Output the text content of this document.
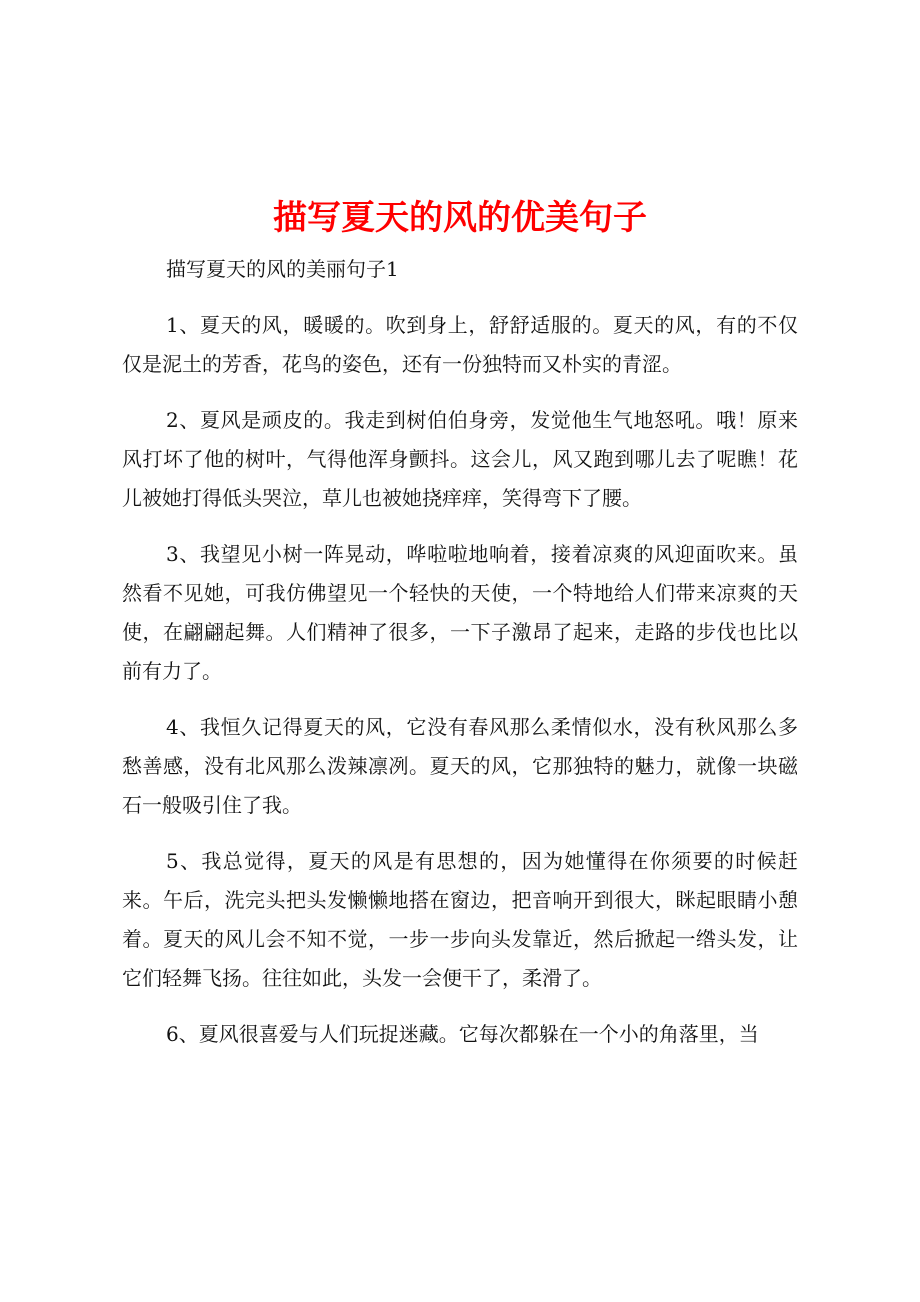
描写夏天的风的优美句子

描写夏天的风的美丽句子1

1、夏天的风，暖暖的。吹到身上，舒舒适服的。夏天的风，有的不仅仅是泥土的芳香，花鸟的姿色，还有一份独特而又朴实的青涩。

2、夏风是顽皮的。我走到树伯伯身旁，发觉他生气地怒吼。哦！原来风打坏了他的树叶，气得他浑身颤抖。这会儿，风又跑到哪儿去了呢瞧！花儿被她打得低头哭泣，草儿也被她挠痒痒，笑得弯下了腰。

3、我望见小树一阵晃动，哗啦啦地响着，接着凉爽的风迎面吹来。虽然看不见她，可我仿佛望见一个轻快的天使，一个特地给人们带来凉爽的天使，在翩翩起舞。人们精神了很多，一下子激昂了起来，走路的步伐也比以前有力了。

4、我恒久记得夏天的风，它没有春风那么柔情似水，没有秋风那么多愁善感，没有北风那么泼辣凛冽。夏天的风，它那独特的魅力，就像一块磁石一般吸引住了我。

5、我总觉得，夏天的风是有思想的，因为她懂得在你须要的时候赶来。午后，洗完头把头发懒懒地搭在窗边，把音响开到很大，眯起眼睛小憩着。夏天的风儿会不知不觉，一步一步向头发靠近，然后掀起一绺头发，让它们轻舞飞扬。往往如此，头发一会便干了，柔滑了。

6、夏风很喜爱与人们玩捉迷藏。它每次都躲在一个小的角落里，当
